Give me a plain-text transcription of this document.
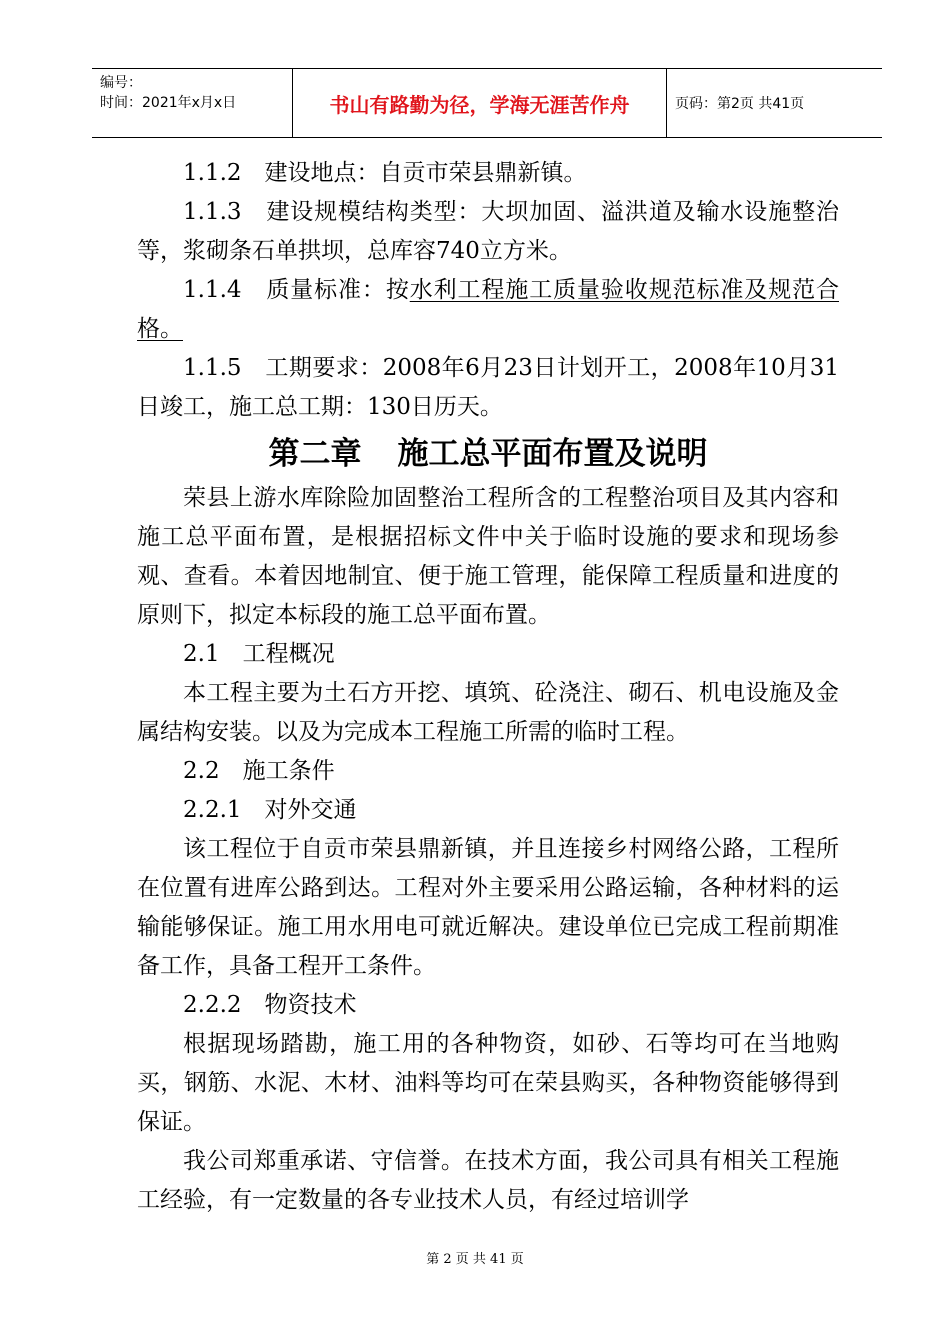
编号：
时间：2021年x月x日	书山有路勤为径，学海无涯苦作舟	页码：第2页 共41页

1.1.2　建设地点：自贡市荣县鼎新镇。

1.1.3　建设规模结构类型：大坝加固、溢洪道及输水设施整治等，浆砌条石单拱坝，总库容740立方米。

1.1.4　质量标准：按水利工程施工质量验收规范标准及规范合格。

1.1.5　工期要求：2008年6月23日计划开工，2008年10月31日竣工，施工总工期：130日历天。

第二章 施工总平面布置及说明

荣县上游水库除险加固整治工程所含的工程整治项目及其内容和施工总平面布置，是根据招标文件中关于临时设施的要求和现场参观、查看。本着因地制宜、便于施工管理，能保障工程质量和进度的原则下，拟定本标段的施工总平面布置。

2.1　工程概况

本工程主要为土石方开挖、填筑、砼浇注、砌石、机电设施及金属结构安装。以及为完成本工程施工所需的临时工程。

2.2　施工条件

2.2.1　对外交通

该工程位于自贡市荣县鼎新镇，并且连接乡村网络公路，工程所在位置有进库公路到达。工程对外主要采用公路运输，各种材料的运输能够保证。施工用水用电可就近解决。建设单位已完成工程前期准备工作，具备工程开工条件。

2.2.2　物资技术

根据现场踏勘，施工用的各种物资，如砂、石等均可在当地购买，钢筋、水泥、木材、油料等均可在荣县购买，各种物资能够得到保证。

我公司郑重承诺、守信誉。在技术方面，我公司具有相关工程施工经验，有一定数量的各专业技术人员，有经过培训学

第 2 页 共 41 页
